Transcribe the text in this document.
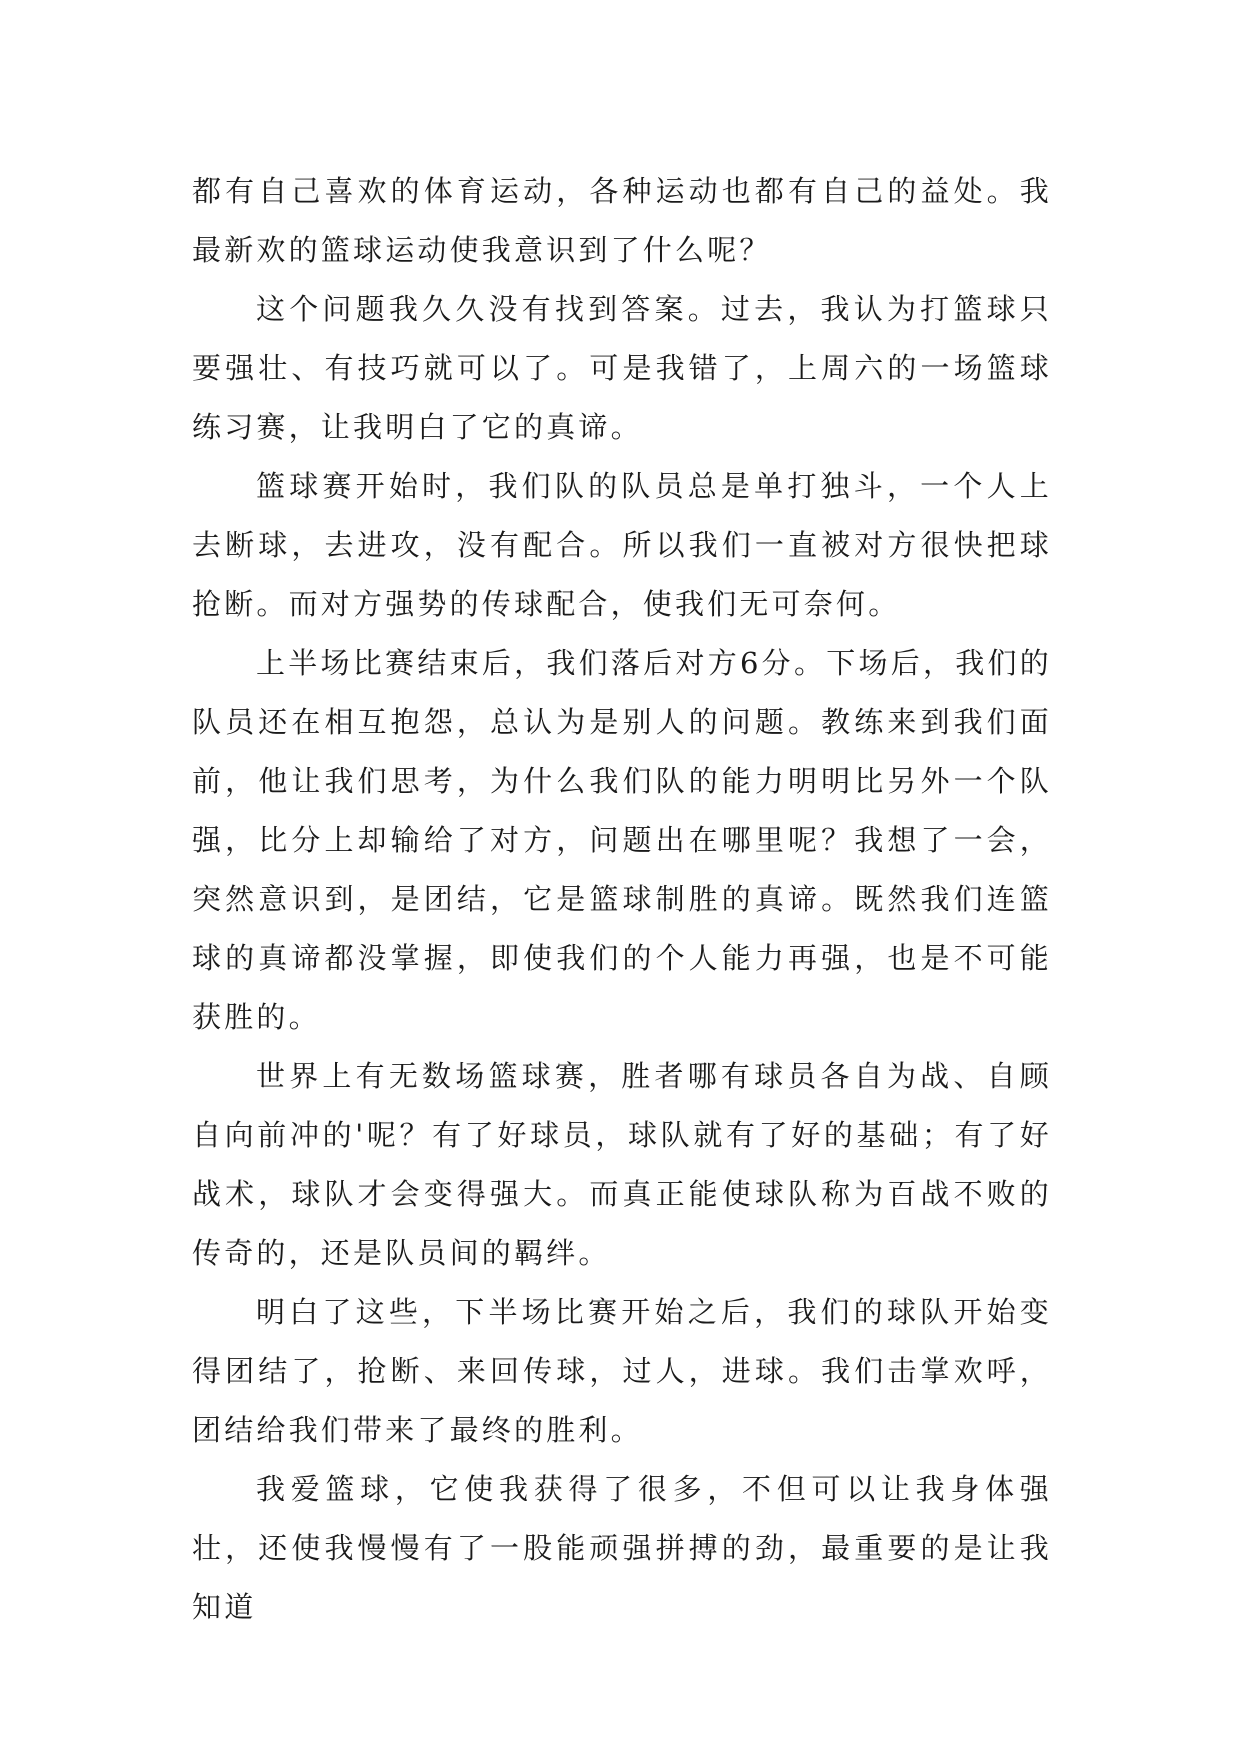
都有自己喜欢的体育运动，各种运动也都有自己的益处。我最新欢的篮球运动使我意识到了什么呢？

这个问题我久久没有找到答案。过去，我认为打篮球只要强壮、有技巧就可以了。可是我错了，上周六的一场篮球练习赛，让我明白了它的真谛。

篮球赛开始时，我们队的队员总是单打独斗，一个人上去断球，去进攻，没有配合。所以我们一直被对方很快把球抢断。而对方强势的传球配合，使我们无可奈何。

上半场比赛结束后，我们落后对方6分。下场后，我们的队员还在相互抱怨，总认为是别人的问题。教练来到我们面前，他让我们思考，为什么我们队的能力明明比另外一个队强，比分上却输给了对方，问题出在哪里呢？我想了一会，突然意识到，是团结，它是篮球制胜的真谛。既然我们连篮球的真谛都没掌握，即使我们的个人能力再强，也是不可能获胜的。

世界上有无数场篮球赛，胜者哪有球员各自为战、自顾自向前冲的'呢？有了好球员，球队就有了好的基础；有了好战术，球队才会变得强大。而真正能使球队称为百战不败的传奇的，还是队员间的羁绊。

明白了这些，下半场比赛开始之后，我们的球队开始变得团结了，抢断、来回传球，过人，进球。我们击掌欢呼，团结给我们带来了最终的胜利。

我爱篮球，它使我获得了很多，不但可以让我身体强壮，还使我慢慢有了一股能顽强拼搏的劲，最重要的是让我知道
